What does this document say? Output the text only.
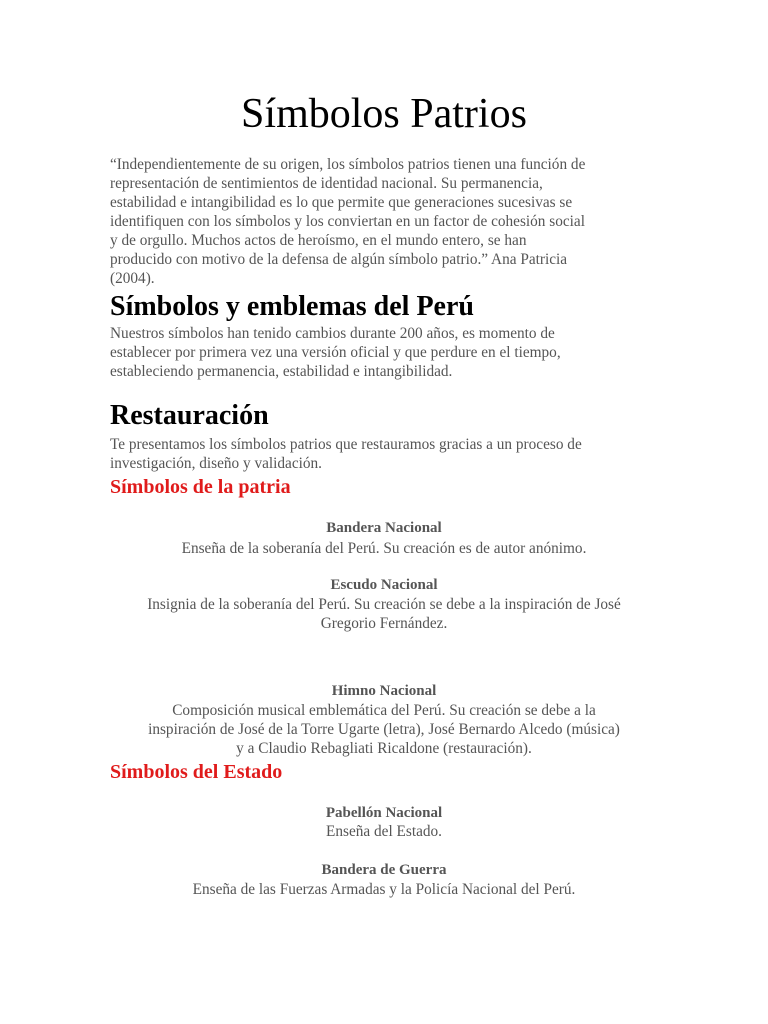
Símbolos Patrios
“Independientemente de su origen, los símbolos patrios tienen una función de
representación de sentimientos de identidad nacional. Su permanencia,
estabilidad e intangibilidad es lo que permite que generaciones sucesivas se
identifiquen con los símbolos y los conviertan en un factor de cohesión social
y de orgullo. Muchos actos de heroísmo, en el mundo entero, se han
producido con motivo de la defensa de algún símbolo patrio.” Ana Patricia
(2004).
Símbolos y emblemas del Perú
Nuestros símbolos han tenido cambios durante 200 años, es momento de
establecer por primera vez una versión oficial y que perdure en el tiempo,
estableciendo permanencia, estabilidad e intangibilidad.
Restauración
Te presentamos los símbolos patrios que restauramos gracias a un proceso de
investigación, diseño y validación.
Símbolos de la patria

Bandera Nacional

Enseña de la soberanía del Perú. Su creación es de autor anónimo.

Escudo Nacional

Insignia de la soberanía del Perú. Su creación se debe a la inspiración de José
Gregorio Fernández.

Himno Nacional

Composición musical emblemática del Perú. Su creación se debe a la
inspiración de José de la Torre Ugarte (letra), José Bernardo Alcedo (música)
y a Claudio Rebagliati Ricaldone (restauración).
Símbolos del Estado

Pabellón Nacional

Enseña del Estado.

Bandera de Guerra

Enseña de las Fuerzas Armadas y la Policía Nacional del Perú.
